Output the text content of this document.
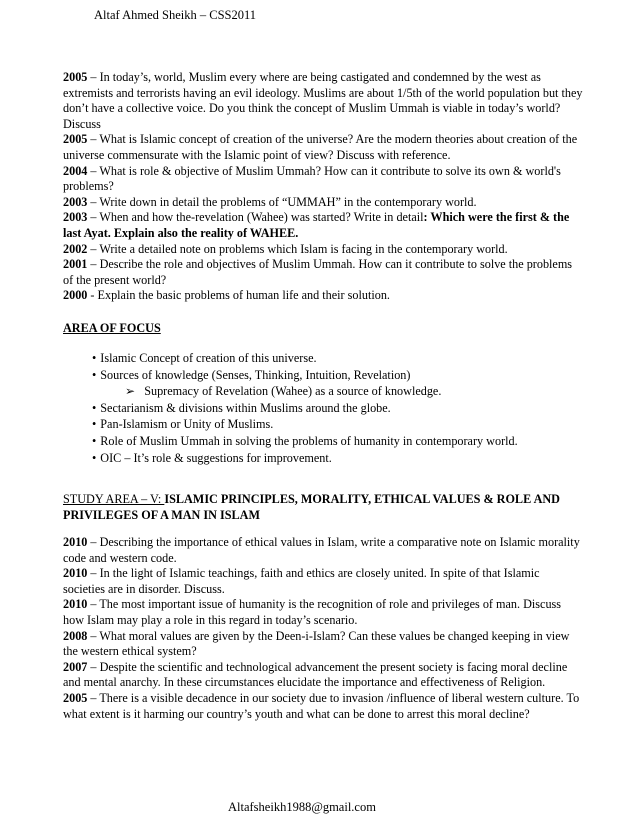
Altaf Ahmed Sheikh – CSS2011

2005 – In today’s, world, Muslim every where are being castigated and condemned by the west as extremists and terrorists having an evil ideology. Muslims are about 1/5th of the world population but they don’t have a collective voice. Do you think the concept of Muslim Ummah is viable in today’s world? Discuss

2005 – What is Islamic concept of creation of the universe? Are the modern theories about creation of the universe commensurate with the Islamic point of view? Discuss with reference.

2004 – What is role & objective of Muslim Ummah? How can it contribute to solve its own & world's problems?

2003 – Write down in detail the problems of “UMMAH” in the contemporary world.

2003 – When and how the-revelation (Wahee) was started? Write in detail: Which were the first & the last Ayat. Explain also the reality of WAHEE.

2002 – Write a detailed note on problems which Islam is facing in the contemporary world.

2001 – Describe the role and objectives of Muslim Ummah. How can it contribute to solve the problems of the present world?

2000 - Explain the basic problems of human life and their solution.

AREA OF FOCUS
• Islamic Concept of creation of this universe.
• Sources of knowledge (Senses, Thinking, Intuition, Revelation)
➢ Supremacy of Revelation (Wahee) as a source of knowledge.
• Sectarianism & divisions within Muslims around the globe.
• Pan-Islamism or Unity of Muslims.
• Role of Muslim Ummah in solving the problems of humanity in contemporary world.
• OIC – It’s role & suggestions for improvement.
STUDY AREA – V: ISLAMIC PRINCIPLES, MORALITY, ETHICAL VALUES & ROLE AND PRIVILEGES OF A MAN IN ISLAM

2010 – Describing the importance of ethical values in Islam, write a comparative note on Islamic morality code and western code.

2010 – In the light of Islamic teachings, faith and ethics are closely united. In spite of that Islamic societies are in disorder. Discuss.

2010 – The most important issue of humanity is the recognition of role and privileges of man. Discuss how Islam may play a role in this regard in today’s scenario.

2008 – What moral values are given by the Deen-i-Islam? Can these values be changed keeping in view the western ethical system?

2007 – Despite the scientific and technological advancement the present society is facing moral decline and mental anarchy. In these circumstances elucidate the importance and effectiveness of Religion.

2005 – There is a visible decadence in our society due to invasion /influence of liberal western culture. To what extent is it harming our country’s youth and what can be done to arrest this moral decline?

Altafsheikh1988@gmail.com
